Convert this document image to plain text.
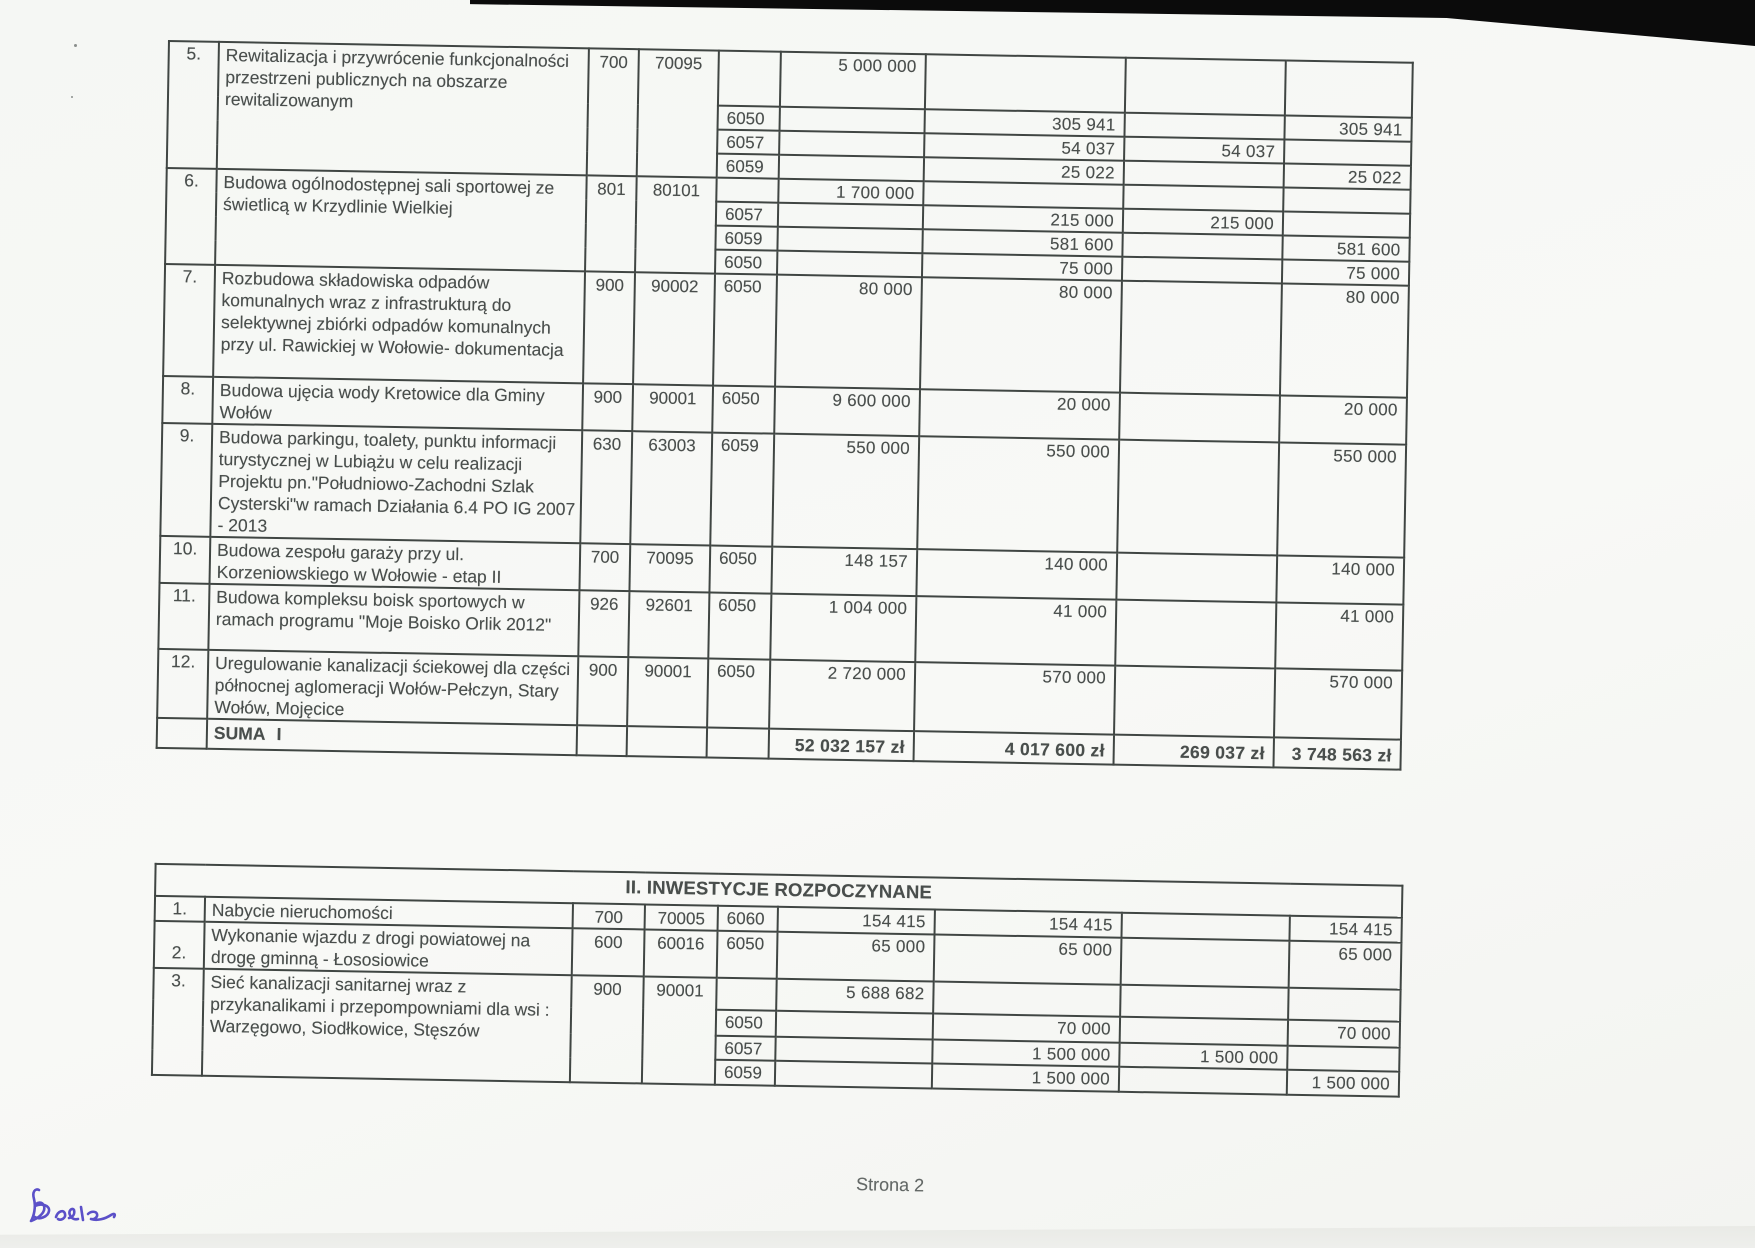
5.	Rewitalizacja i przywrócenie funkcjonalności przestrzeni publicznych na obszarze rewitalizowanym	700	70095		5 000 000			
				6050		305 941		305 941
				6057		54 037	54 037	
				6059		25 022		25 022
6.	Budowa ogólnodostępnej sali sportowej ze świetlicą w Krzydlinie Wielkiej	801	80101		1 700 000			
				6057		215 000	215 000	
				6059		581 600		581 600
				6050		75 000		75 000
7.	Rozbudowa składowiska odpadów komunalnych wraz z infrastrukturą do selektywnej zbiórki odpadów komunalnych przy ul. Rawickiej w Wołowie- dokumentacja	900	90002	6050	80 000	80 000		80 000
8.	Budowa ujęcia wody Kretowice dla Gminy Wołów	900	90001	6050	9 600 000	20 000		20 000
9.	Budowa parkingu, toalety, punktu informacji turystycznej w Lubiążu w celu realizacji Projektu pn."Południowo-Zachodni Szlak Cysterski"w ramach Działania 6.4 PO IG 2007 - 2013	630	63003	6059	550 000	550 000		550 000
10.	Budowa zespołu garaży przy ul. Korzeniowskiego w Wołowie - etap II	700	70095	6050	148 157	140 000		140 000
11.	Budowa kompleksu boisk sportowych w ramach programu "Moje Boisko Orlik 2012"	926	92601	6050	1 004 000	41 000		41 000
12.	Uregulowanie kanalizacji ściekowej dla części północnej aglomeracji Wołów-Pełczyn, Stary Wołów, Mojęcice	900	90001	6050	2 720 000	570 000		570 000
	SUMA I				52 032 157 zł	4 017 600 zł	269 037 zł	3 748 563 zł
II. INWESTYCJE ROZPOCZYNANE								
1.	Nabycie nieruchomości	700	70005	6060	154 415	154 415		154 415
2.	Wykonanie wjazdu z drogi powiatowej na drogę gminną - Łososiowice	600	60016	6050	65 000	65 000		65 000
3.	Sieć kanalizacji sanitarnej wraz z przykanalikami i przepompowniami dla wsi : Warzęgowo, Siodłkowice, Stęszów	900	90001		5 688 682			
				6050		70 000		70 000
				6057		1 500 000	1 500 000	
				6059		1 500 000		1 500 000
Strona 2
